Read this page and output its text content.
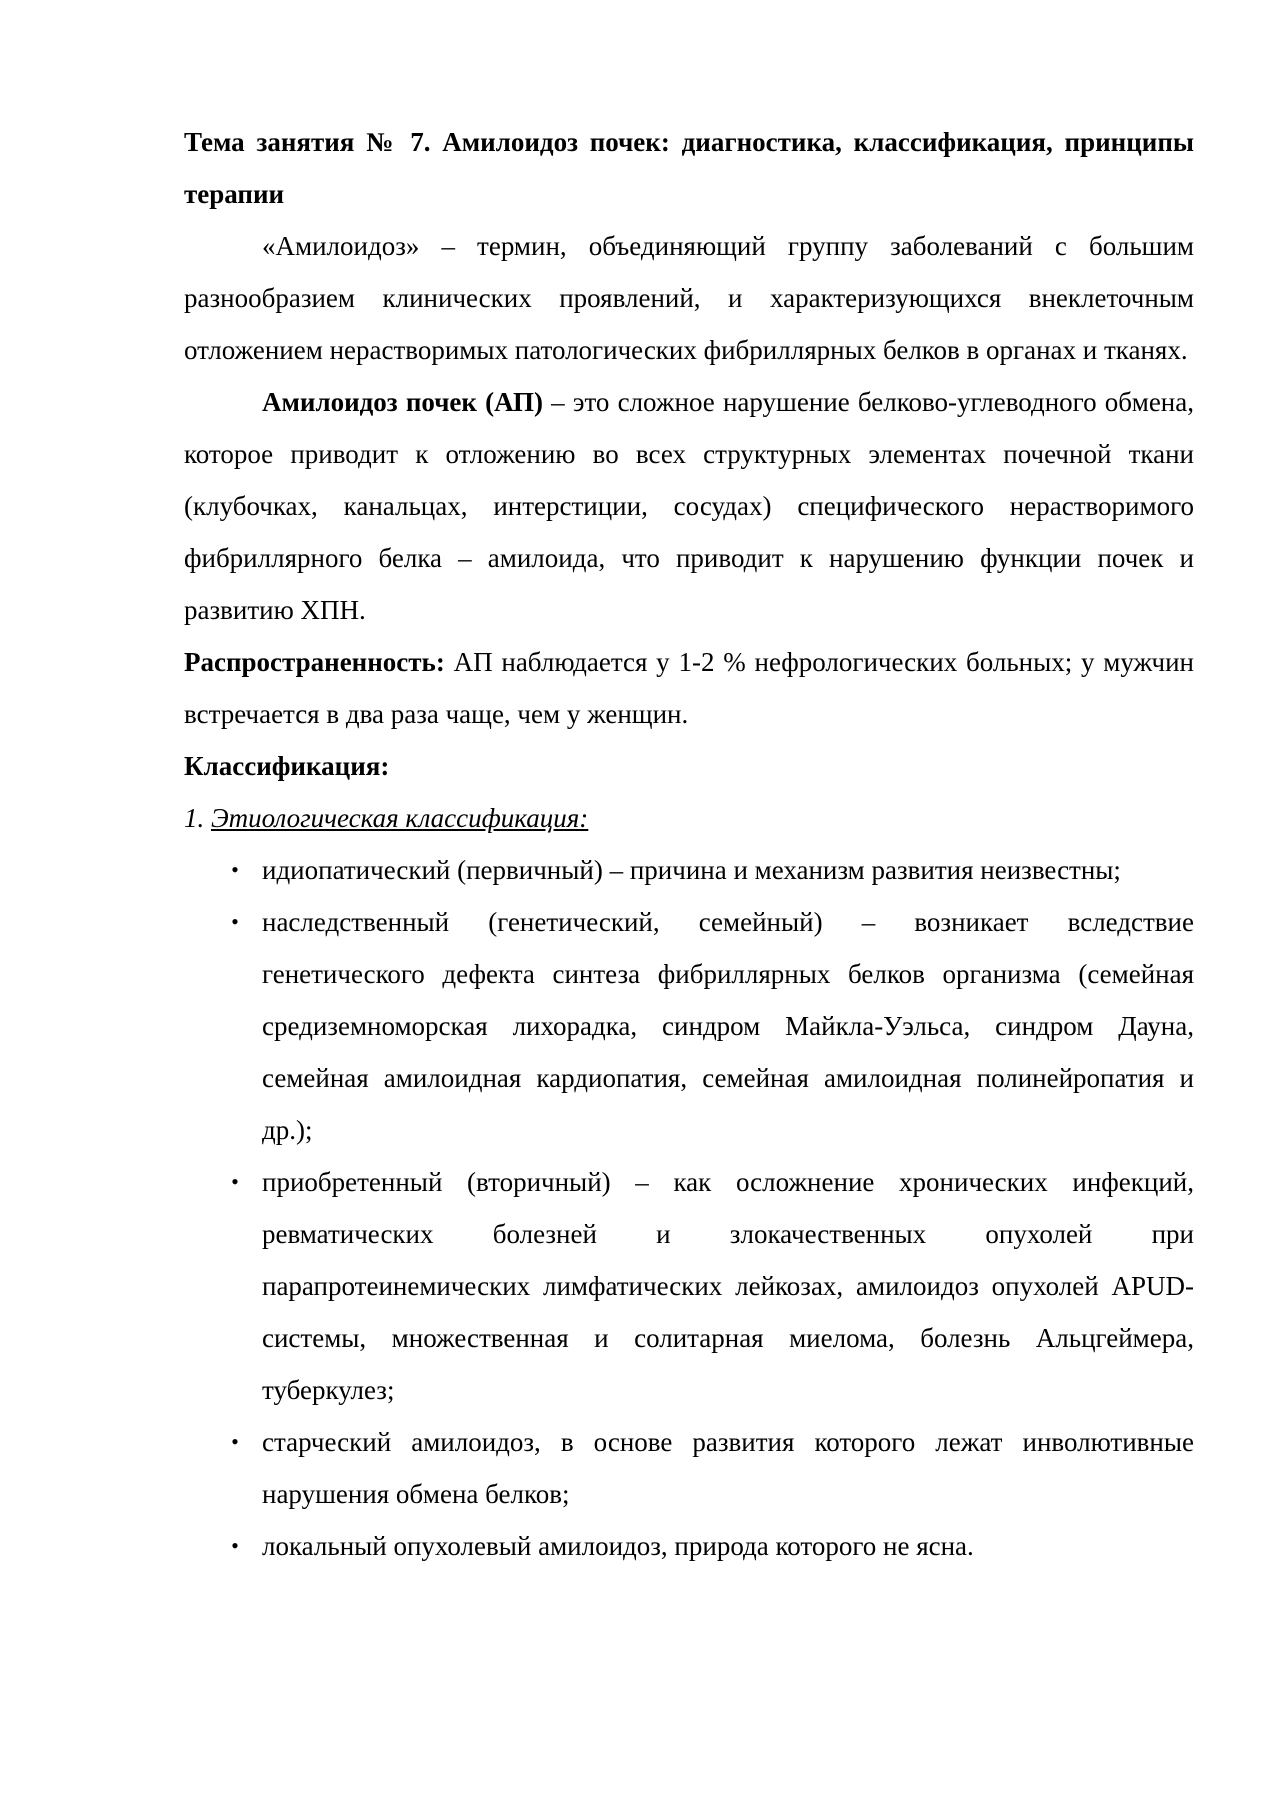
Тема занятия № 7. Амилоидоз почек: диагностика, классификация, принципы терапии

«Амилоидоз» – термин, объединяющий группу заболеваний с большим разнообразием клинических проявлений, и характеризующихся внеклеточным отложением нерастворимых патологических фибриллярных белков в органах и тканях.

Амилоидоз почек (АП) – это сложное нарушение белково-углеводного обмена, которое приводит к отложению во всех структурных элементах почечной ткани (клубочках, канальцах, интерстиции, сосудах) специфического нерастворимого фибриллярного белка – амилоида, что приводит к нарушению функции почек и развитию ХПН.

Распространенность: АП наблюдается у 1-2 % нефрологических больных; у мужчин встречается в два раза чаще, чем у женщин.

Классификация:

1. Этиологическая классификация:

• идиопатический (первичный) – причина и механизм развития неизвестны;
• наследственный (генетический, семейный) – возникает вследствие генетического дефекта синтеза фибриллярных белков организма (семейная средиземноморская лихорадка, синдром Майкла-Уэльса, синдром Дауна, семейная амилоидная кардиопатия, семейная амилоидная полинейропатия и др.);
• приобретенный (вторичный) – как осложнение хронических инфекций, ревматических болезней и злокачественных опухолей при парапротеинемических лимфатических лейкозах, амилоидоз опухолей APUD-системы, множественная и солитарная миелома, болезнь Альцгеймера, туберкулез;
• старческий амилоидоз, в основе развития которого лежат инволютивные нарушения обмена белков;
• локальный опухолевый амилоидоз, природа которого не ясна.
